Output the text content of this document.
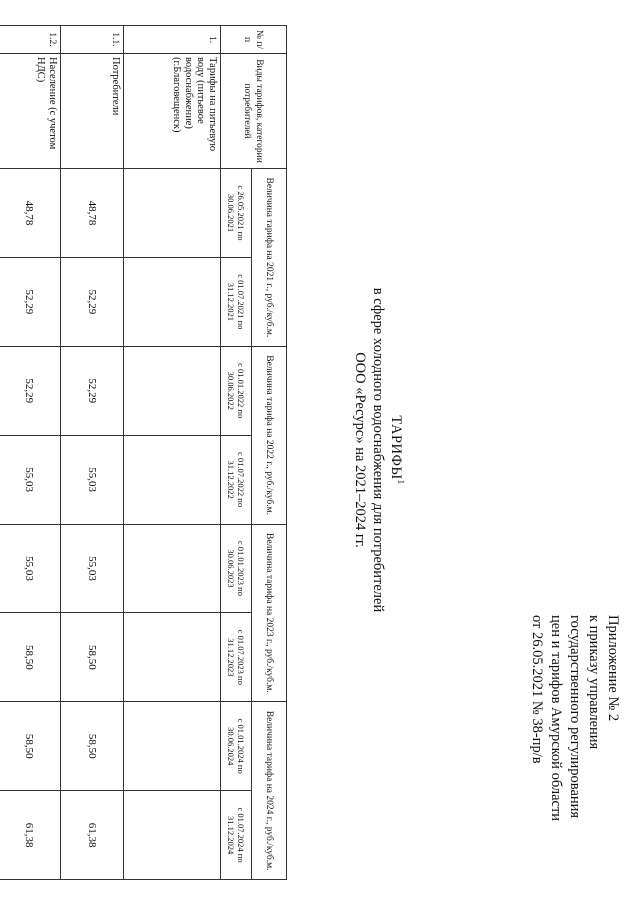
Приложение № 2
к приказу управления
государственного регулирования
цен и тарифов Амурской области
от 26.05.2021 № 38-пр/в
ТАРИФЫ$^1$
в сфере холодного водоснабжения для потребителей
ООО «Ресурс» на 2021–2024 гг.
№ п/п	Виды тарифов, категории потребителей	Величина тарифа на 2021 г., руб./куб.м.		Величина тарифа на 2022 г., руб./куб.м.		Величина тарифа на 2023 г., руб./куб.м.		Величина тарифа на 2024 г., руб./куб.м.	
		с 26.05.2021 по 30.06.2021	с 01.07.2021 по 31.12.2021	с 01.01.2022 по 30.06.2022	с 01.07.2022 по 31.12.2022	с 01.01.2023 по 30.06.2023	с 01.07.2023 по 31.12.2023	с 01.01.2024 по 30.06.2024	с 01.07.2024 по 31.12.2024
1.	Тарифы на питьевую воду (питьевое водоснабжение) (г.Благовещенск)								
1.1.	Потребители	48,78	52,29	52,29	55,03	55,03	58,50	58,50	61,38
1.2.	Население (с учетом НДС)	48,78	52,29	52,29	55,03	55,03	58,50	58,50	61,38
